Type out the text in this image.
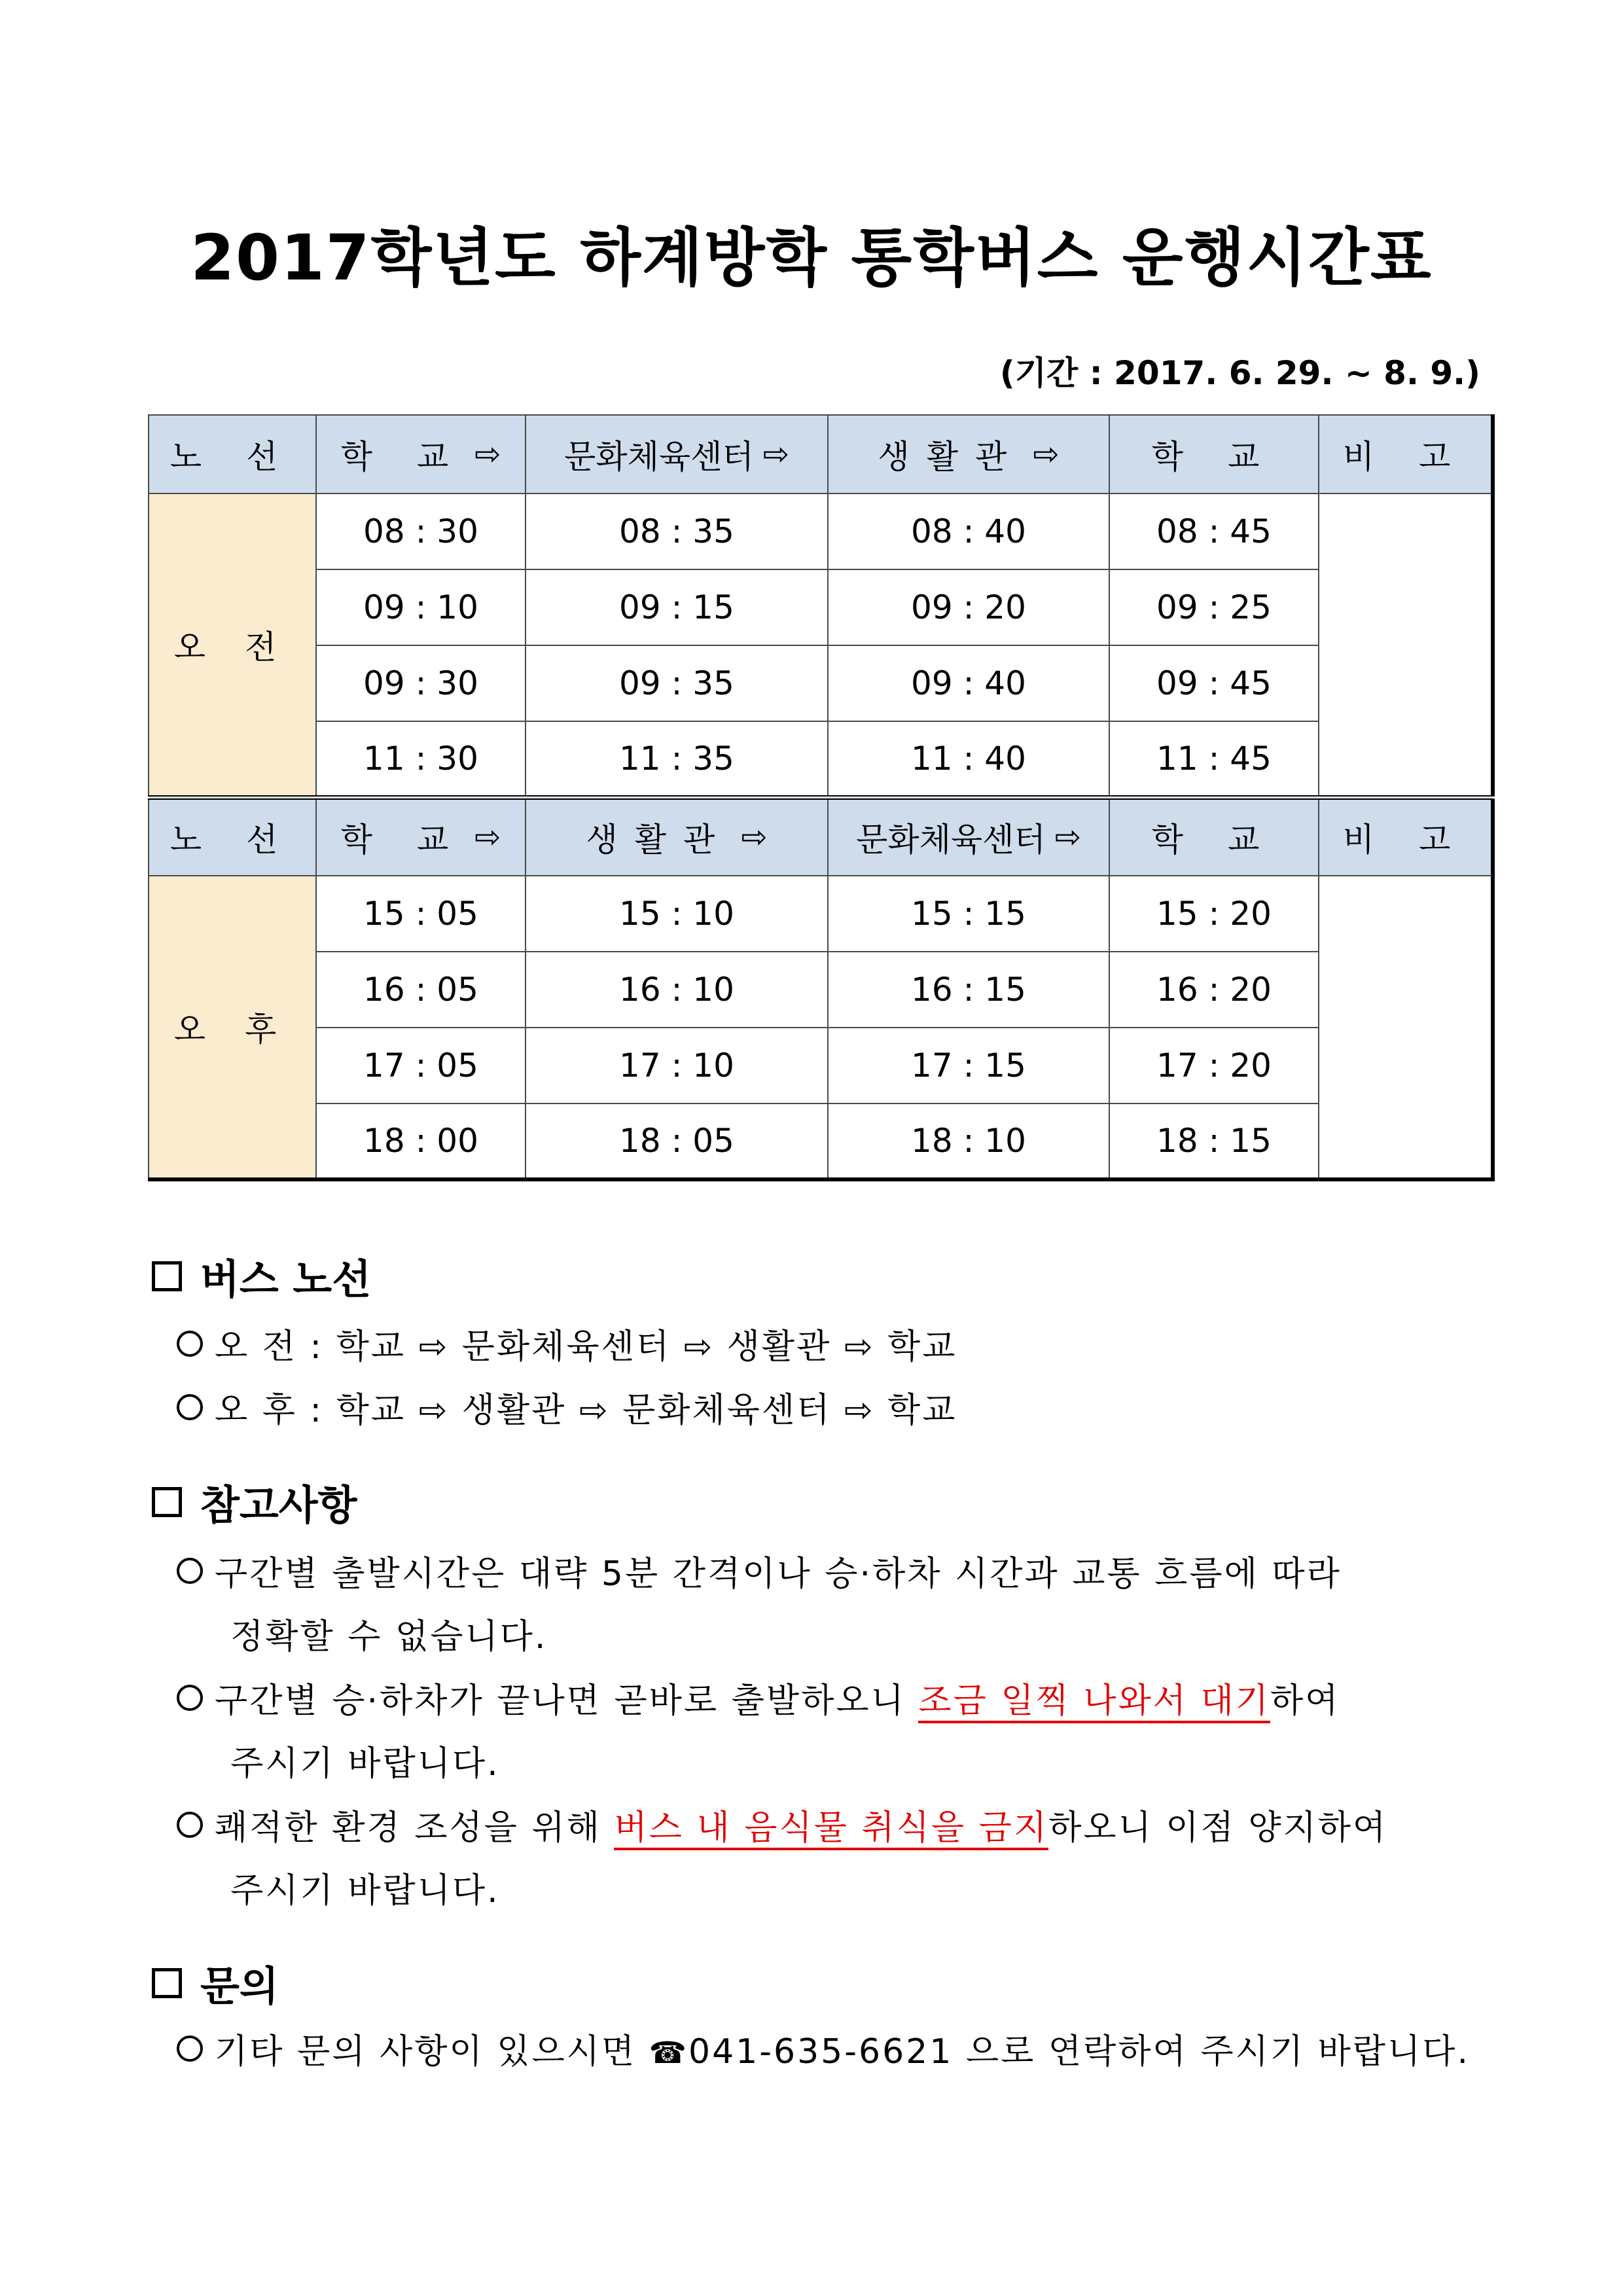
2017학년도 하계방학 통학버스 운행시간표
(기간 : 2017. 6. 29. ~ 8. 9.)
노 선	학 교 ⇨	문화체육센터 ⇨	생활관 ⇨	학 교	비 고
오 전	08 : 30	08 : 35	08 : 40	08 : 45	
	09 : 10	09 : 15	09 : 20	09 : 25	
	09 : 30	09 : 35	09 : 40	09 : 45	
	11 : 30	11 : 35	11 : 40	11 : 45	
노 선	학 교 ⇨	생활관 ⇨	문화체육센터 ⇨	학 교	비 고
오 후	15 : 05	15 : 10	15 : 15	15 : 20	
	16 : 05	16 : 10	16 : 15	16 : 20	
	17 : 05	17 : 10	17 : 15	17 : 20	
	18 : 00	18 : 05	18 : 10	18 : 15	
버스 노선
오 전 : 학교 ⇨ 문화체육센터 ⇨ 생활관 ⇨ 학교
오 후 : 학교 ⇨ 생활관 ⇨ 문화체육센터 ⇨ 학교
참고사항
구간별 출발시간은 대략 5분 간격이나 승·하차 시간과 교통 흐름에 따라
정확할 수 없습니다.
구간별 승·하차가 끝나면 곧바로 출발하오니 조금 일찍 나와서 대기하여
주시기 바랍니다.
쾌적한 환경 조성을 위해 버스 내 음식물 취식을 금지하오니 이점 양지하여
주시기 바랍니다.
문의
기타 문의 사항이 있으시면 ☎041-635-6621 으로 연락하여 주시기 바랍니다.
